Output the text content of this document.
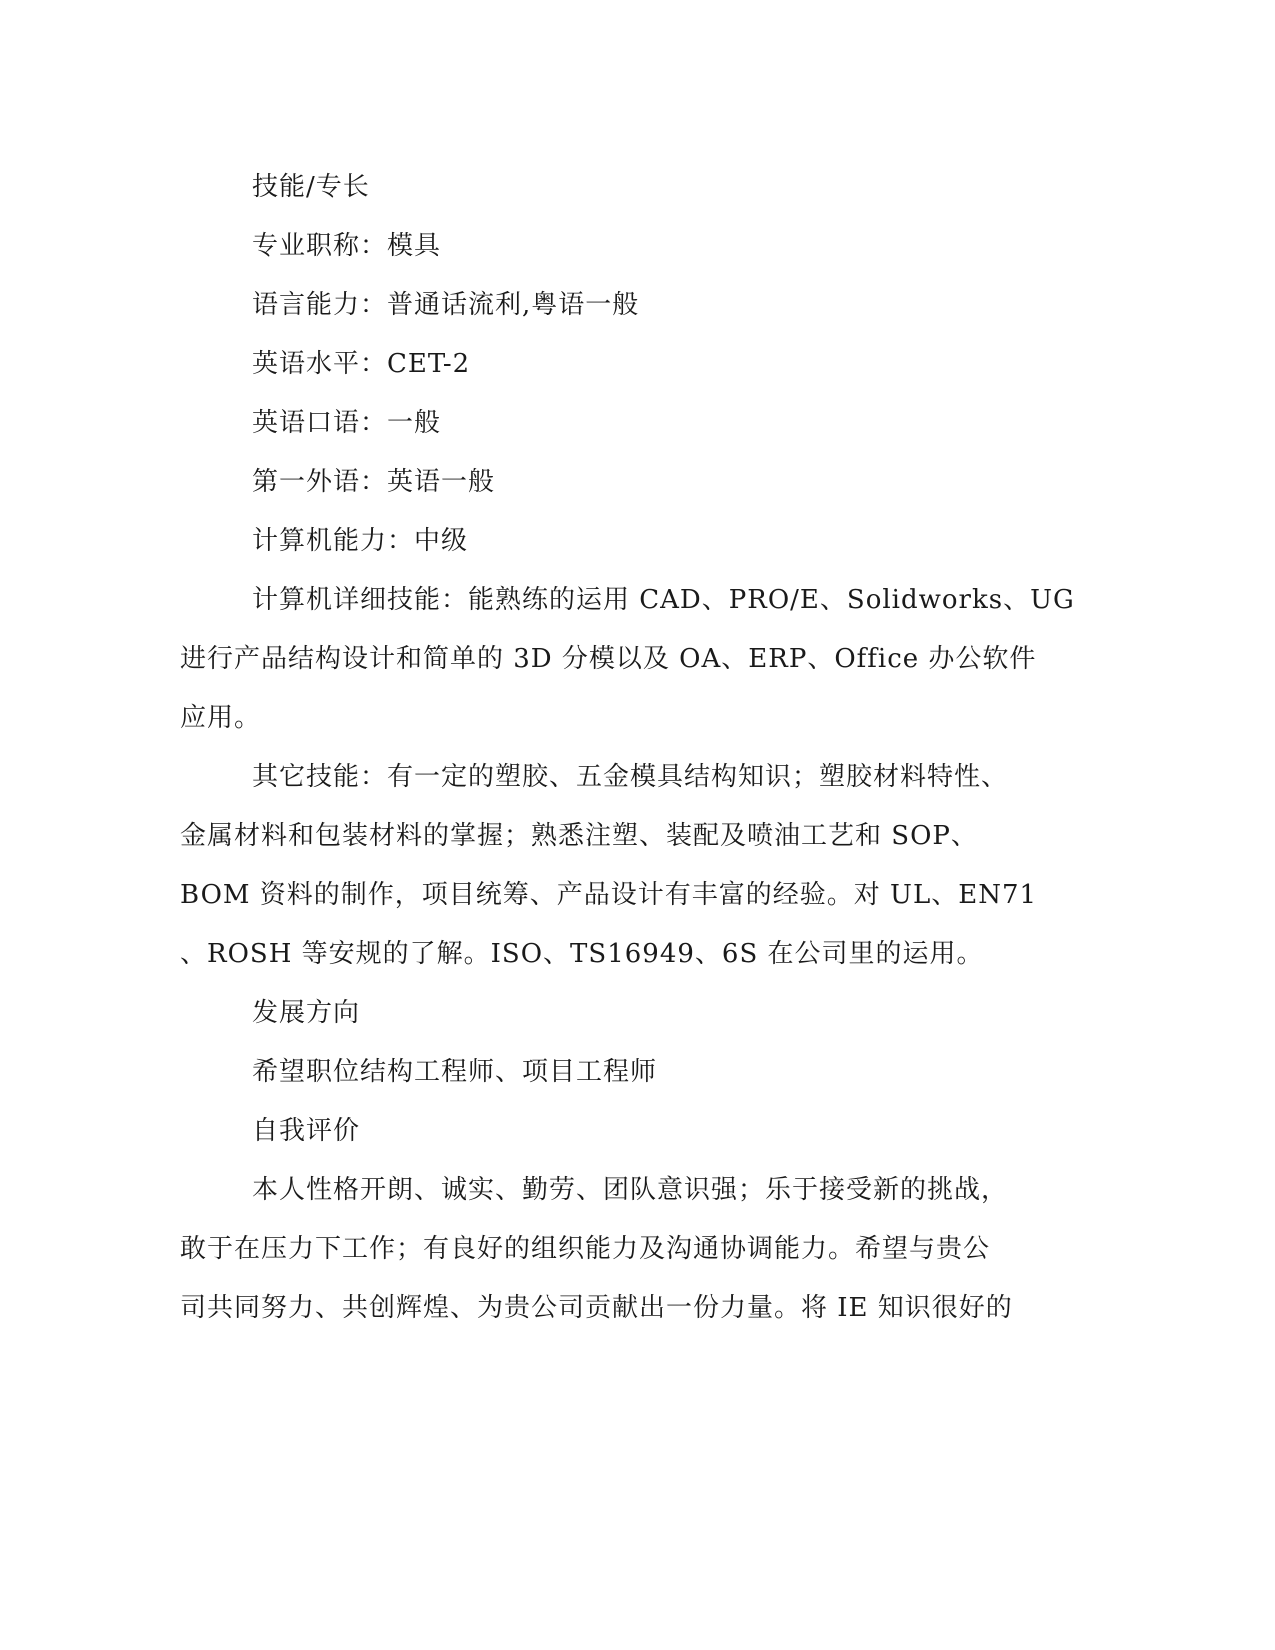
技能/专长
专业职称：模具
语言能力：普通话流利,粤语一般
英语水平：CET-2
英语口语：一般
第一外语：英语一般
计算机能力：中级
计算机详细技能：能熟练的运用 CAD、PRO/E、Solidworks、UG
进行产品结构设计和简单的 3D 分模以及 OA、ERP、Office 办公软件
应用。
其它技能：有一定的塑胶、五金模具结构知识；塑胶材料特性、
金属材料和包装材料的掌握；熟悉注塑、装配及喷油工艺和 SOP、
BOM 资料的制作，项目统筹、产品设计有丰富的经验。对 UL、EN71
、ROSH 等安规的了解。ISO、TS16949、6S 在公司里的运用。
发展方向
希望职位结构工程师、项目工程师
自我评价
本人性格开朗、诚实、勤劳、团队意识强；乐于接受新的挑战，
敢于在压力下工作；有良好的组织能力及沟通协调能力。希望与贵公
司共同努力、共创辉煌、为贵公司贡献出一份力量。将 IE 知识很好的
